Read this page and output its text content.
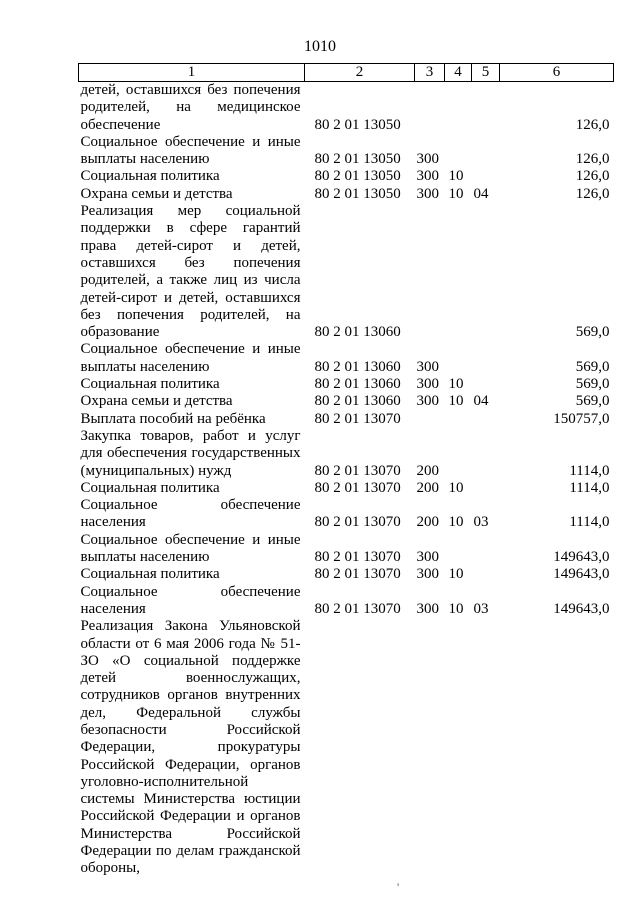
1010
1	2	3	4	5	6
детей, оставшихся без попечения родителей, на медицинское обеспечение	80 2 01 13050				126,0
Социальное обеспечение и иные выплаты населению	80 2 01 13050	300			126,0
Социальная политика	80 2 01 13050	300	10		126,0
Охрана семьи и детства	80 2 01 13050	300	10	04	126,0
Реализация мер социальной поддержки в сфере гарантий права детей-сирот и детей, оставшихся без попечения родителей, а также лиц из числа детей-сирот и детей, оставшихся без попечения родителей, на образование	80 2 01 13060				569,0
Социальное обеспечение и иные выплаты населению	80 2 01 13060	300			569,0
Социальная политика	80 2 01 13060	300	10		569,0
Охрана семьи и детства	80 2 01 13060	300	10	04	569,0
Выплата пособий на ребёнка	80 2 01 13070				150757,0
Закупка товаров, работ и услуг для обеспечения государственных (муниципальных) нужд	80 2 01 13070	200			1114,0
Социальная политика	80 2 01 13070	200	10		1114,0
Социальное обеспечение населения	80 2 01 13070	200	10	03	1114,0
Социальное обеспечение и иные выплаты населению	80 2 01 13070	300			149643,0
Социальная политика	80 2 01 13070	300	10		149643,0
Социальное обеспечение населения	80 2 01 13070	300	10	03	149643,0
Реализация Закона Ульяновской области от 6 мая 2006 года № 51-ЗО «О социальной поддержке детей военнослужащих, сотрудников органов внутренних дел, Федеральной службы безопасности Российской Федерации, прокуратуры Российской Федерации, органов уголовно-исполнительной системы Министерства юстиции Российской Федерации и органов Министерства Российской Федерации по делам гражданской обороны,					
'
